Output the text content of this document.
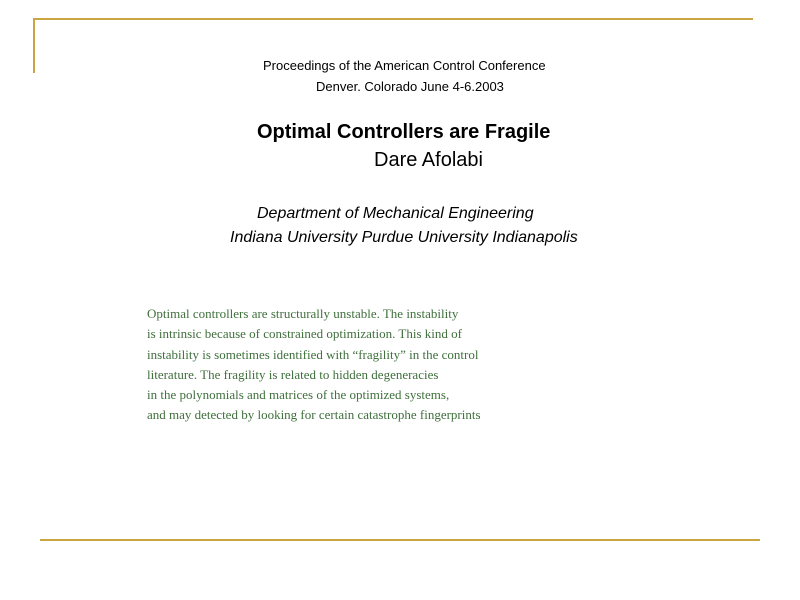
Proceedings of the American Control Conference
Denver. Colorado June 4-6.2003
Optimal Controllers are Fragile
Dare Afolabi
Department of Mechanical Engineering
Indiana University Purdue University Indianapolis
Optimal controllers are structurally unstable. The instability
is intrinsic because of constrained optimization. This kind of
instability is sometimes identified with “fragility” in the control
literature. The fragility is related to hidden degeneracies
in the polynomials and matrices of the optimized systems,
and may detected by looking for certain catastrophe fingerprints
